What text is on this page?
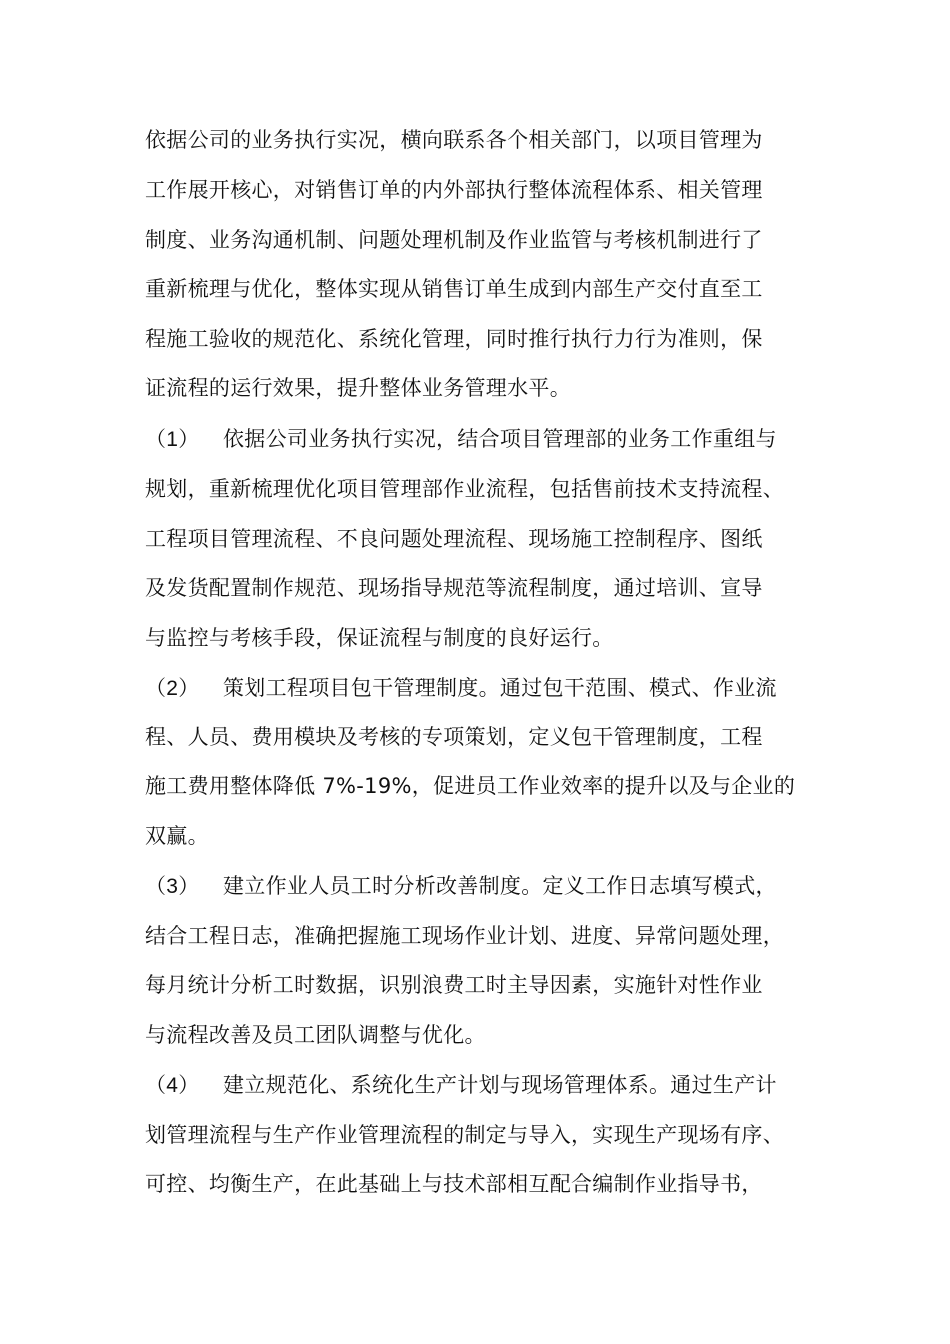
依据公司的业务执行实况，横向联系各个相关部门，以项目管理为
工作展开核心，对销售订单的内外部执行整体流程体系、相关管理
制度、业务沟通机制、问题处理机制及作业监管与考核机制进行了
重新梳理与优化，整体实现从销售订单生成到内部生产交付直至工
程施工验收的规范化、系统化管理，同时推行执行力行为准则，保
证流程的运行效果，提升整体业务管理水平。
（1） 依据公司业务执行实况，结合项目管理部的业务工作重组与
规划，重新梳理优化项目管理部作业流程，包括售前技术支持流程、
工程项目管理流程、不良问题处理流程、现场施工控制程序、图纸
及发货配置制作规范、现场指导规范等流程制度，通过培训、宣导
与监控与考核手段，保证流程与制度的良好运行。
（2） 策划工程项目包干管理制度。通过包干范围、模式、作业流
程、人员、费用模块及考核的专项策划，定义包干管理制度，工程
施工费用整体降低 7%-19%，促进员工作业效率的提升以及与企业的
双赢。
（3） 建立作业人员工时分析改善制度。定义工作日志填写模式，
结合工程日志，准确把握施工现场作业计划、进度、异常问题处理，
每月统计分析工时数据，识别浪费工时主导因素，实施针对性作业
与流程改善及员工团队调整与优化。
（4） 建立规范化、系统化生产计划与现场管理体系。通过生产计
划管理流程与生产作业管理流程的制定与导入，实现生产现场有序、
可控、均衡生产，在此基础上与技术部相互配合编制作业指导书，
